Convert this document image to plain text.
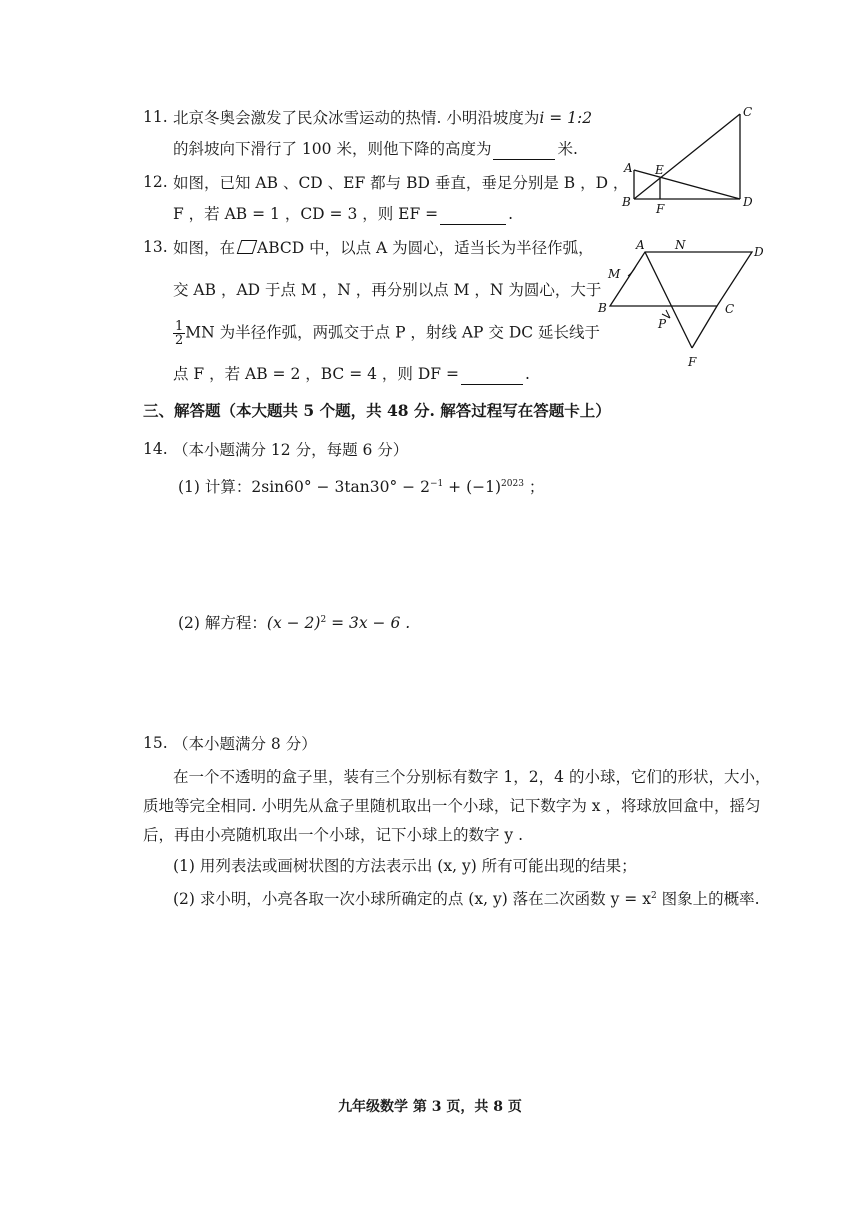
11. 北京冬奥会激发了民众冰雪运动的热情. 小明沿坡度为i = 1:2
的斜坡向下滑行了 100 米，则他下降的高度为	米.
12. 如图，已知 AB 、CD 、EF 都与 BD 垂直，垂足分别是 B ，D ，
F ，若 AB = 1 ，CD = 3 ，则 EF =	.
A
B
C
D
E
F
13. 如图，在 ABCD 中，以点 A 为圆心，适当长为半径作弧，
交 AB ，AD 于点 M ，N ，再分别以点 M ，N 为圆心，大于
$\frac{1}{2}$ MN 为半径作弧，两弧交于点 P ，射线 AP 交 DC 延长线于
点 F ，若 AB = 2 ，BC = 4 ，则 DF =	.
A	N	D
M
B	C
P
F
三、解答题（本大题共 5 个题，共 48 分. 解答过程写在答题卡上）
14. （本小题满分 12 分，每题 6 分）
(1) 计算：$2\sin 60^\circ - 3\tan 30^\circ - 2^{-1} + (-1)^{2023}$ ；
(2) 解方程：$(x - 2)^2 = 3x - 6$ .
15. （本小题满分 8 分）
在一个不透明的盒子里，装有三个分别标有数字 1，2，4 的小球，它们的形状，大小，
质地等完全相同. 小明先从盒子里随机取出一个小球，记下数字为 x ，将球放回盒中，摇匀
后，再由小亮随机取出一个小球，记下小球上的数字 y .
(1) 用列表法或画树状图的方法表示出 (x, y) 所有可能出现的结果；
(2) 求小明，小亮各取一次小球所确定的点 (x, y) 落在二次函数 $y = x^2$ 图象上的概率.
九年级数学 第 3 页，共 8 页
